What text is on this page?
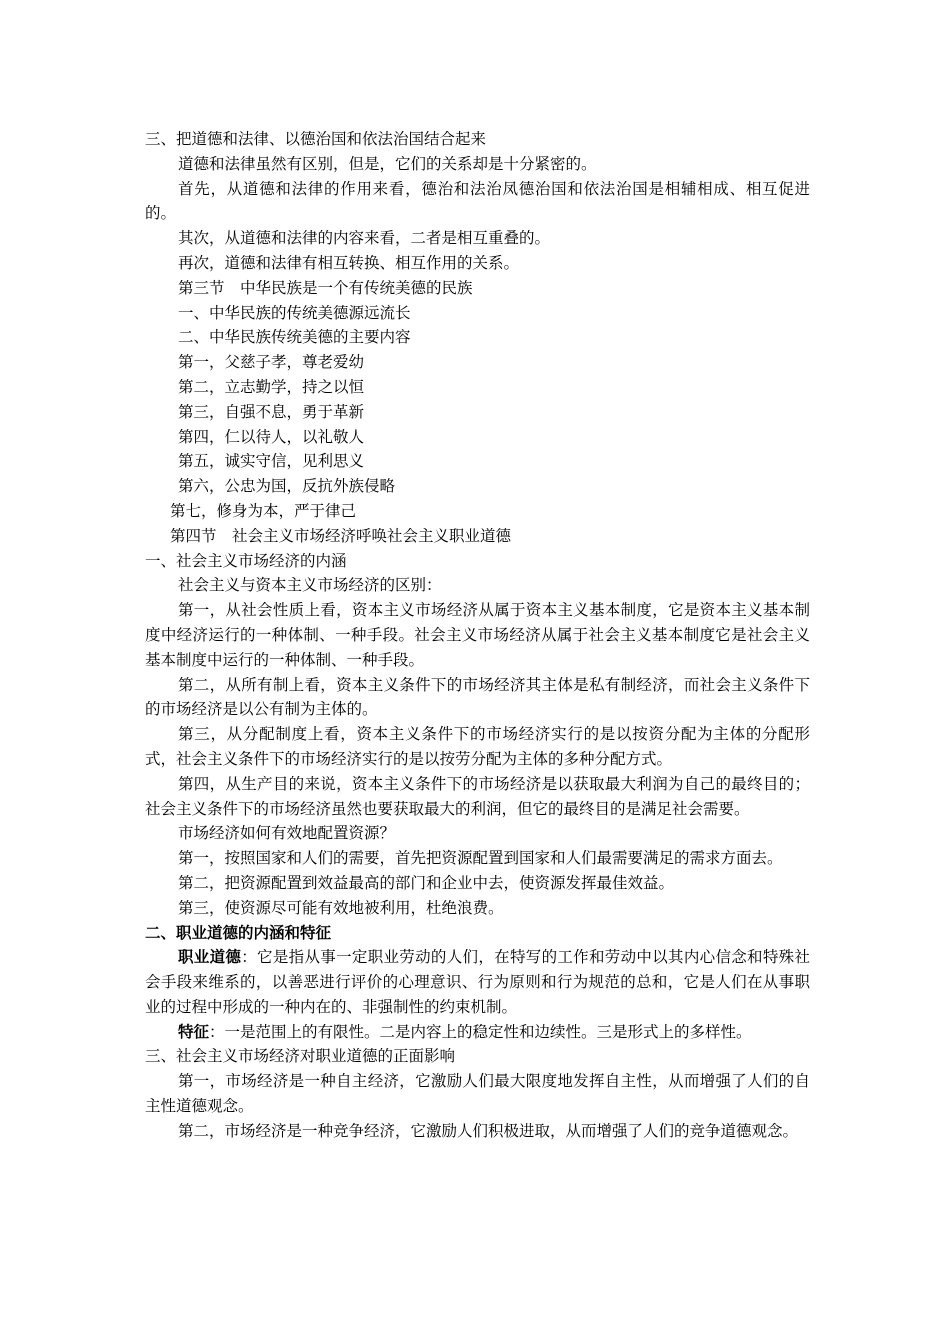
三、把道德和法律、以德治国和依法治国结合起来

道德和法律虽然有区别，但是，它们的关系却是十分紧密的。

首先，从道德和法律的作用来看，德治和法治凤德治国和依法治国是相辅相成、相互促进的。

其次，从道德和法律的内容来看，二者是相互重叠的。

再次，道德和法律有相互转换、相互作用的关系。

第三节　中华民族是一个有传统美德的民族

一、中华民族的传统美德源远流长

二、中华民族传统美德的主要内容

第一，父慈子孝，尊老爱幼

第二，立志勤学，持之以恒

第三，自强不息，勇于革新

第四，仁以待人，以礼敬人

第五，诚实守信，见利思义

第六，公忠为国，反抗外族侵略

第七，修身为本，严于律己

第四节　社会主义市场经济呼唤社会主义职业道德

一、社会主义市场经济的内涵

社会主义与资本主义市场经济的区别：

第一，从社会性质上看，资本主义市场经济从属于资本主义基本制度，它是资本主义基本制度中经济运行的一种体制、一种手段。社会主义市场经济从属于社会主义基本制度它是社会主义基本制度中运行的一种体制、一种手段。

第二，从所有制上看，资本主义条件下的市场经济其主体是私有制经济，而社会主义条件下的市场经济是以公有制为主体的。

第三，从分配制度上看，资本主义条件下的市场经济实行的是以按资分配为主体的分配形式，社会主义条件下的市场经济实行的是以按劳分配为主体的多种分配方式。

第四，从生产目的来说，资本主义条件下的市场经济是以获取最大利润为自己的最终目的；社会主义条件下的市场经济虽然也要获取最大的利润，但它的最终目的是满足社会需要。

市场经济如何有效地配置资源？

第一，按照国家和人们的需要，首先把资源配置到国家和人们最需要满足的需求方面去。

第二，把资源配置到效益最高的部门和企业中去，使资源发挥最佳效益。

第三，使资源尽可能有效地被利用，杜绝浪费。

二、职业道德的内涵和特征

职业道德：它是指从事一定职业劳动的人们，在特写的工作和劳动中以其内心信念和特殊社会手段来维系的，以善恶进行评价的心理意识、行为原则和行为规范的总和，它是人们在从事职业的过程中形成的一种内在的、非强制性的约束机制。

特征：一是范围上的有限性。二是内容上的稳定性和边续性。三是形式上的多样性。

三、社会主义市场经济对职业道德的正面影响

第一，市场经济是一种自主经济，它激励人们最大限度地发挥自主性，从而增强了人们的自主性道德观念。

第二，市场经济是一种竞争经济，它激励人们积极进取，从而增强了人们的竞争道德观念。
